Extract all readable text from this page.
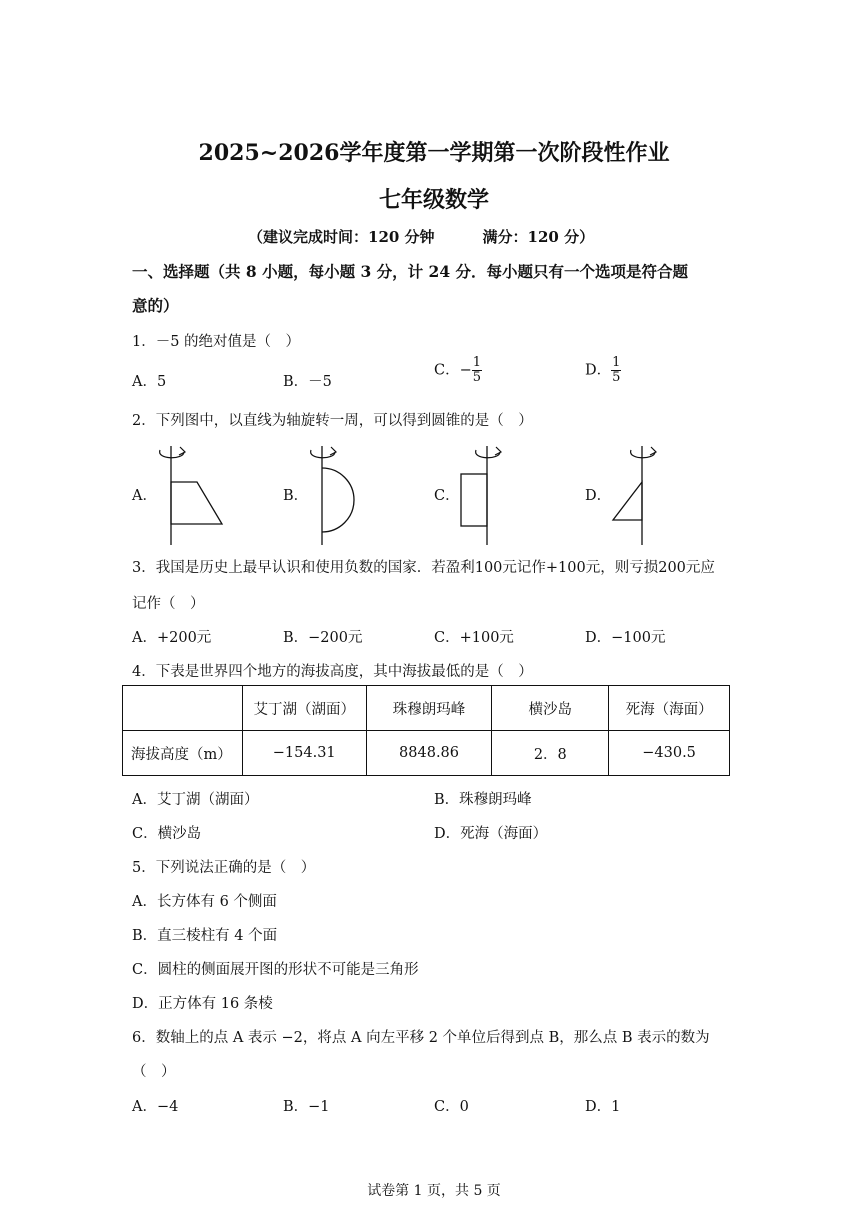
2025~2026学年度第一学期第一次阶段性作业
七年级数学
（建议完成时间：120 分钟	满分：120 分）
一、选择题（共 8 小题，每小题 3 分，计 24 分．每小题只有一个选项是符合题
意的）
1．－5 的绝对值是（　）
A．5	B．－5
C．− $\frac{1}{5}$	D． $\frac{1}{5}$
2．下列图中，以直线为轴旋转一周，可以得到圆锥的是（　）
A．	B．	C．	D．
3．我国是历史上最早认识和使用负数的国家．若盈利100元记作+100元，则亏损200元应
记作（　）
A．+200元	B．−200元	C．+100元	D．−100元
4．下表是世界四个地方的海拔高度，其中海拔最低的是（　）
	艾丁湖（湖面）	珠穆朗玛峰	横沙岛	死海（海面）
海拔高度（m）	−154.31	8848.86	2．8	−430.5
A．艾丁湖（湖面）	B．珠穆朗玛峰
C．横沙岛	D．死海（海面）
5．下列说法正确的是（　）
A．长方体有 6 个侧面
B．直三棱柱有 4 个面
C．圆柱的侧面展开图的形状不可能是三角形
D．正方体有 16 条棱
6．数轴上的点 A 表示 −2，将点 A 向左平移 2 个单位后得到点 B，那么点 B 表示的数为
（　）
A．−4	B．−1	C．0	D．1
试卷第 1 页，共 5 页
